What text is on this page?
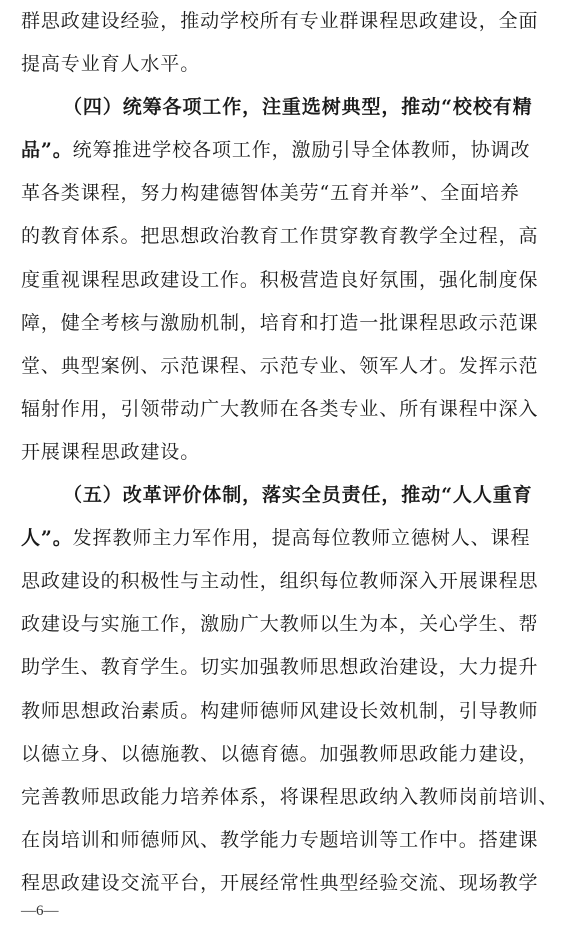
群思政建设经验，推动学校所有专业群课程思政建设，全面
提高专业育人水平。
（四）统筹各项工作，注重选树典型，推动“校校有精
品”。统筹推进学校各项工作，激励引导全体教师，协调改
革各类课程，努力构建德智体美劳“五育并举”、全面培养
的教育体系。把思想政治教育工作贯穿教育教学全过程，高
度重视课程思政建设工作。积极营造良好氛围，强化制度保
障，健全考核与激励机制，培育和打造一批课程思政示范课
堂、典型案例、示范课程、示范专业、领军人才。发挥示范
辐射作用，引领带动广大教师在各类专业、所有课程中深入
开展课程思政建设。
（五）改革评价体制，落实全员责任，推动“人人重育
人”。发挥教师主力军作用，提高每位教师立德树人、课程
思政建设的积极性与主动性，组织每位教师深入开展课程思
政建设与实施工作，激励广大教师以生为本，关心学生、帮
助学生、教育学生。切实加强教师思想政治建设，大力提升
教师思想政治素质。构建师德师风建设长效机制，引导教师
以德立身、以德施教、以德育德。加强教师思政能力建设，
完善教师思政能力培养体系，将课程思政纳入教师岗前培训、
在岗培训和师德师风、教学能力专题培训等工作中。搭建课
程思政建设交流平台，开展经常性典型经验交流、现场教学
—6—
